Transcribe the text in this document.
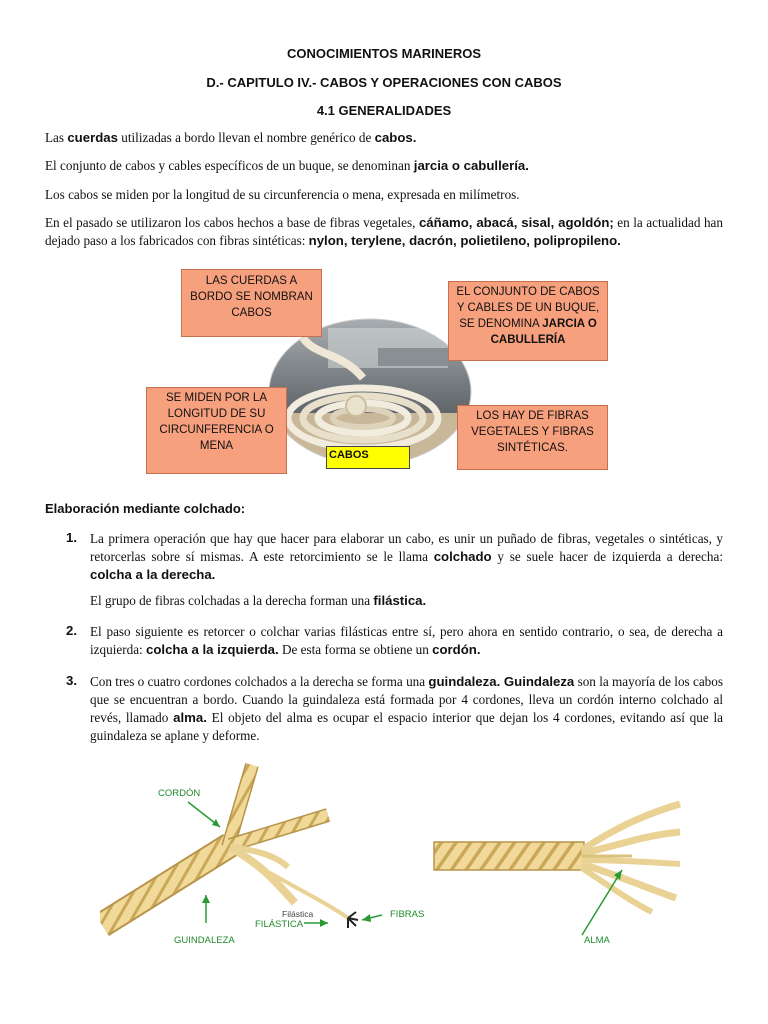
CONOCIMIENTOS MARINEROS
D.- CAPITULO IV.- CABOS Y OPERACIONES CON CABOS
4.1 GENERALIDADES
Las cuerdas utilizadas a bordo llevan el nombre genérico de cabos.
El conjunto de cabos y cables específicos de un buque, se denominan jarcia o cabullería.
Los cabos se miden por la longitud de su circunferencia o mena, expresada en milímetros.
En el pasado se utilizaron los cabos hechos a base de fibras vegetales, cáñamo, abacá, sisal, agoldón; en la actualidad han dejado paso a los fabricados con fibras sintéticas: nylon, terylene, dacrón, polietileno, polipropileno.
LAS CUERDAS A BORDO SE NOMBRAN CABOS
EL CONJUNTO DE CABOS Y CABLES DE UN BUQUE, SE DENOMINA JARCIA O CABULLERÍA
SE MIDEN POR LA LONGITUD DE SU CIRCUNFERENCIA O MENA
LOS HAY DE FIBRAS VEGETALES Y FIBRAS SINTÉTICAS.
CABOS
Elaboración mediante colchado:
1. La primera operación que hay que hacer para elaborar un cabo, es unir un puñado de fibras, vegetales o sintéticas, y retorcerlas sobre sí mismas. A este retorcimiento se le llama colchado y se suele hacer de izquierda a derecha: colcha a la derecha.
El grupo de fibras colchadas a la derecha forman una filástica.
2. El paso siguiente es retorcer o colchar varias filásticas entre sí, pero ahora en sentido contrario, o sea, de derecha a izquierda: colcha a la izquierda. De esta forma se obtiene un cordón.
3. Con tres o cuatro cordones colchados a la derecha se forma una guindaleza. Guindaleza son la mayoría de los cabos que se encuentran a bordo. Cuando la guindaleza está formada por 4 cordones, lleva un cordón interno colchado al revés, llamado alma. El objeto del alma es ocupar el espacio interior que dejan los 4 cordones, evitando así que la guindaleza se aplane y deforme.
CORDÓN
GUINDALEZA
Filástica
FILÁSTICA
FIBRAS
ALMA
